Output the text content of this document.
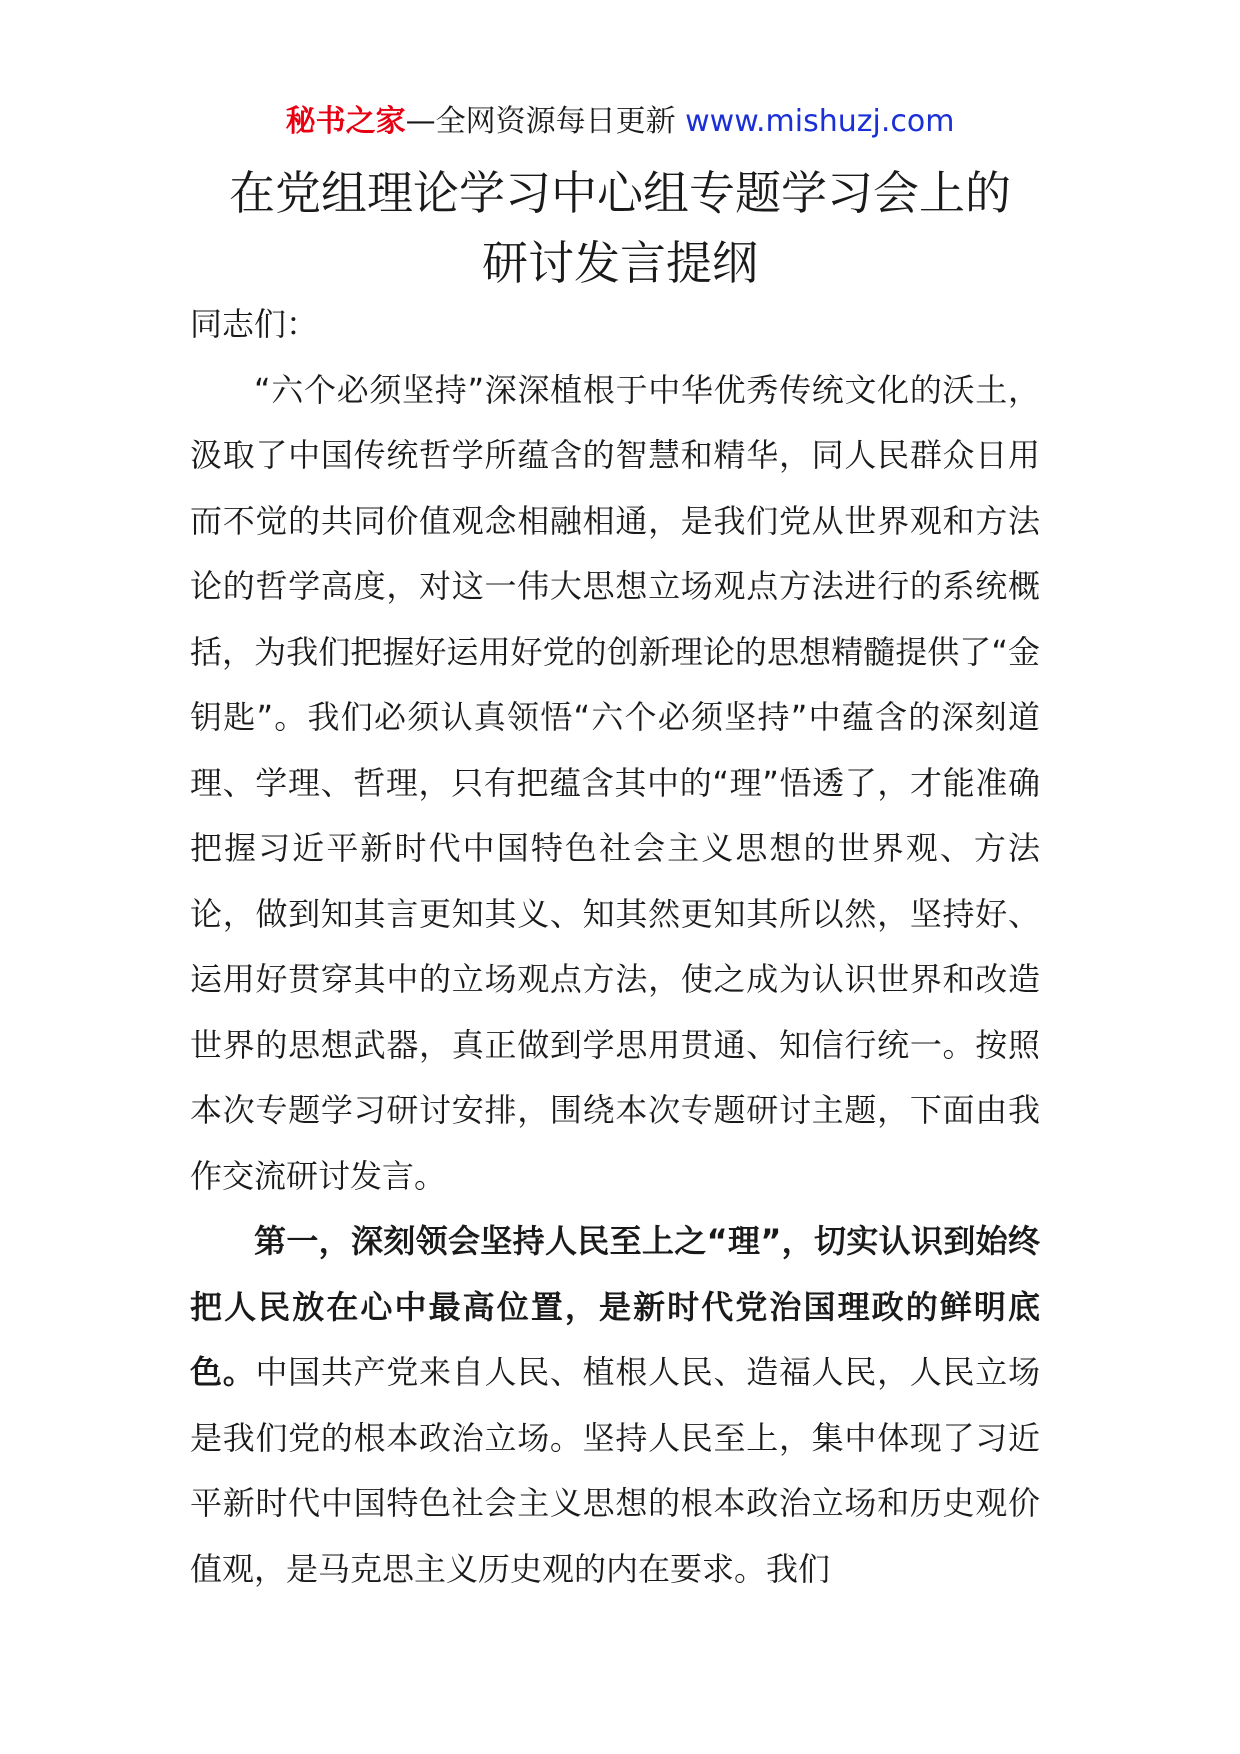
秘书之家—全网资源每日更新 www.mishuzj.com
在党组理论学习中心组专题学习会上的
研讨发言提纲

同志们：

“六个必须坚持”深深植根于中华优秀传统文化的沃土，汲取了中国传统哲学所蕴含的智慧和精华，同人民群众日用而不觉的共同价值观念相融相通，是我们党从世界观和方法论的哲学高度，对这一伟大思想立场观点方法进行的系统概括，为我们把握好运用好党的创新理论的思想精髓提供了“金钥匙”。我们必须认真领悟“六个必须坚持”中蕴含的深刻道理、学理、哲理，只有把蕴含其中的“理”悟透了，才能准确把握习近平新时代中国特色社会主义思想的世界观、方法论，做到知其言更知其义、知其然更知其所以然，坚持好、运用好贯穿其中的立场观点方法，使之成为认识世界和改造世界的思想武器，真正做到学思用贯通、知信行统一。按照本次专题学习研讨安排，围绕本次专题研讨主题，下面由我作交流研讨发言。

第一，深刻领会坚持人民至上之“理”，切实认识到始终把人民放在心中最高位置，是新时代党治国理政的鲜明底色。中国共产党来自人民、植根人民、造福人民，人民立场是我们党的根本政治立场。坚持人民至上，集中体现了习近平新时代中国特色社会主义思想的根本政治立场和历史观价值观，是马克思主义历史观的内在要求。我们
